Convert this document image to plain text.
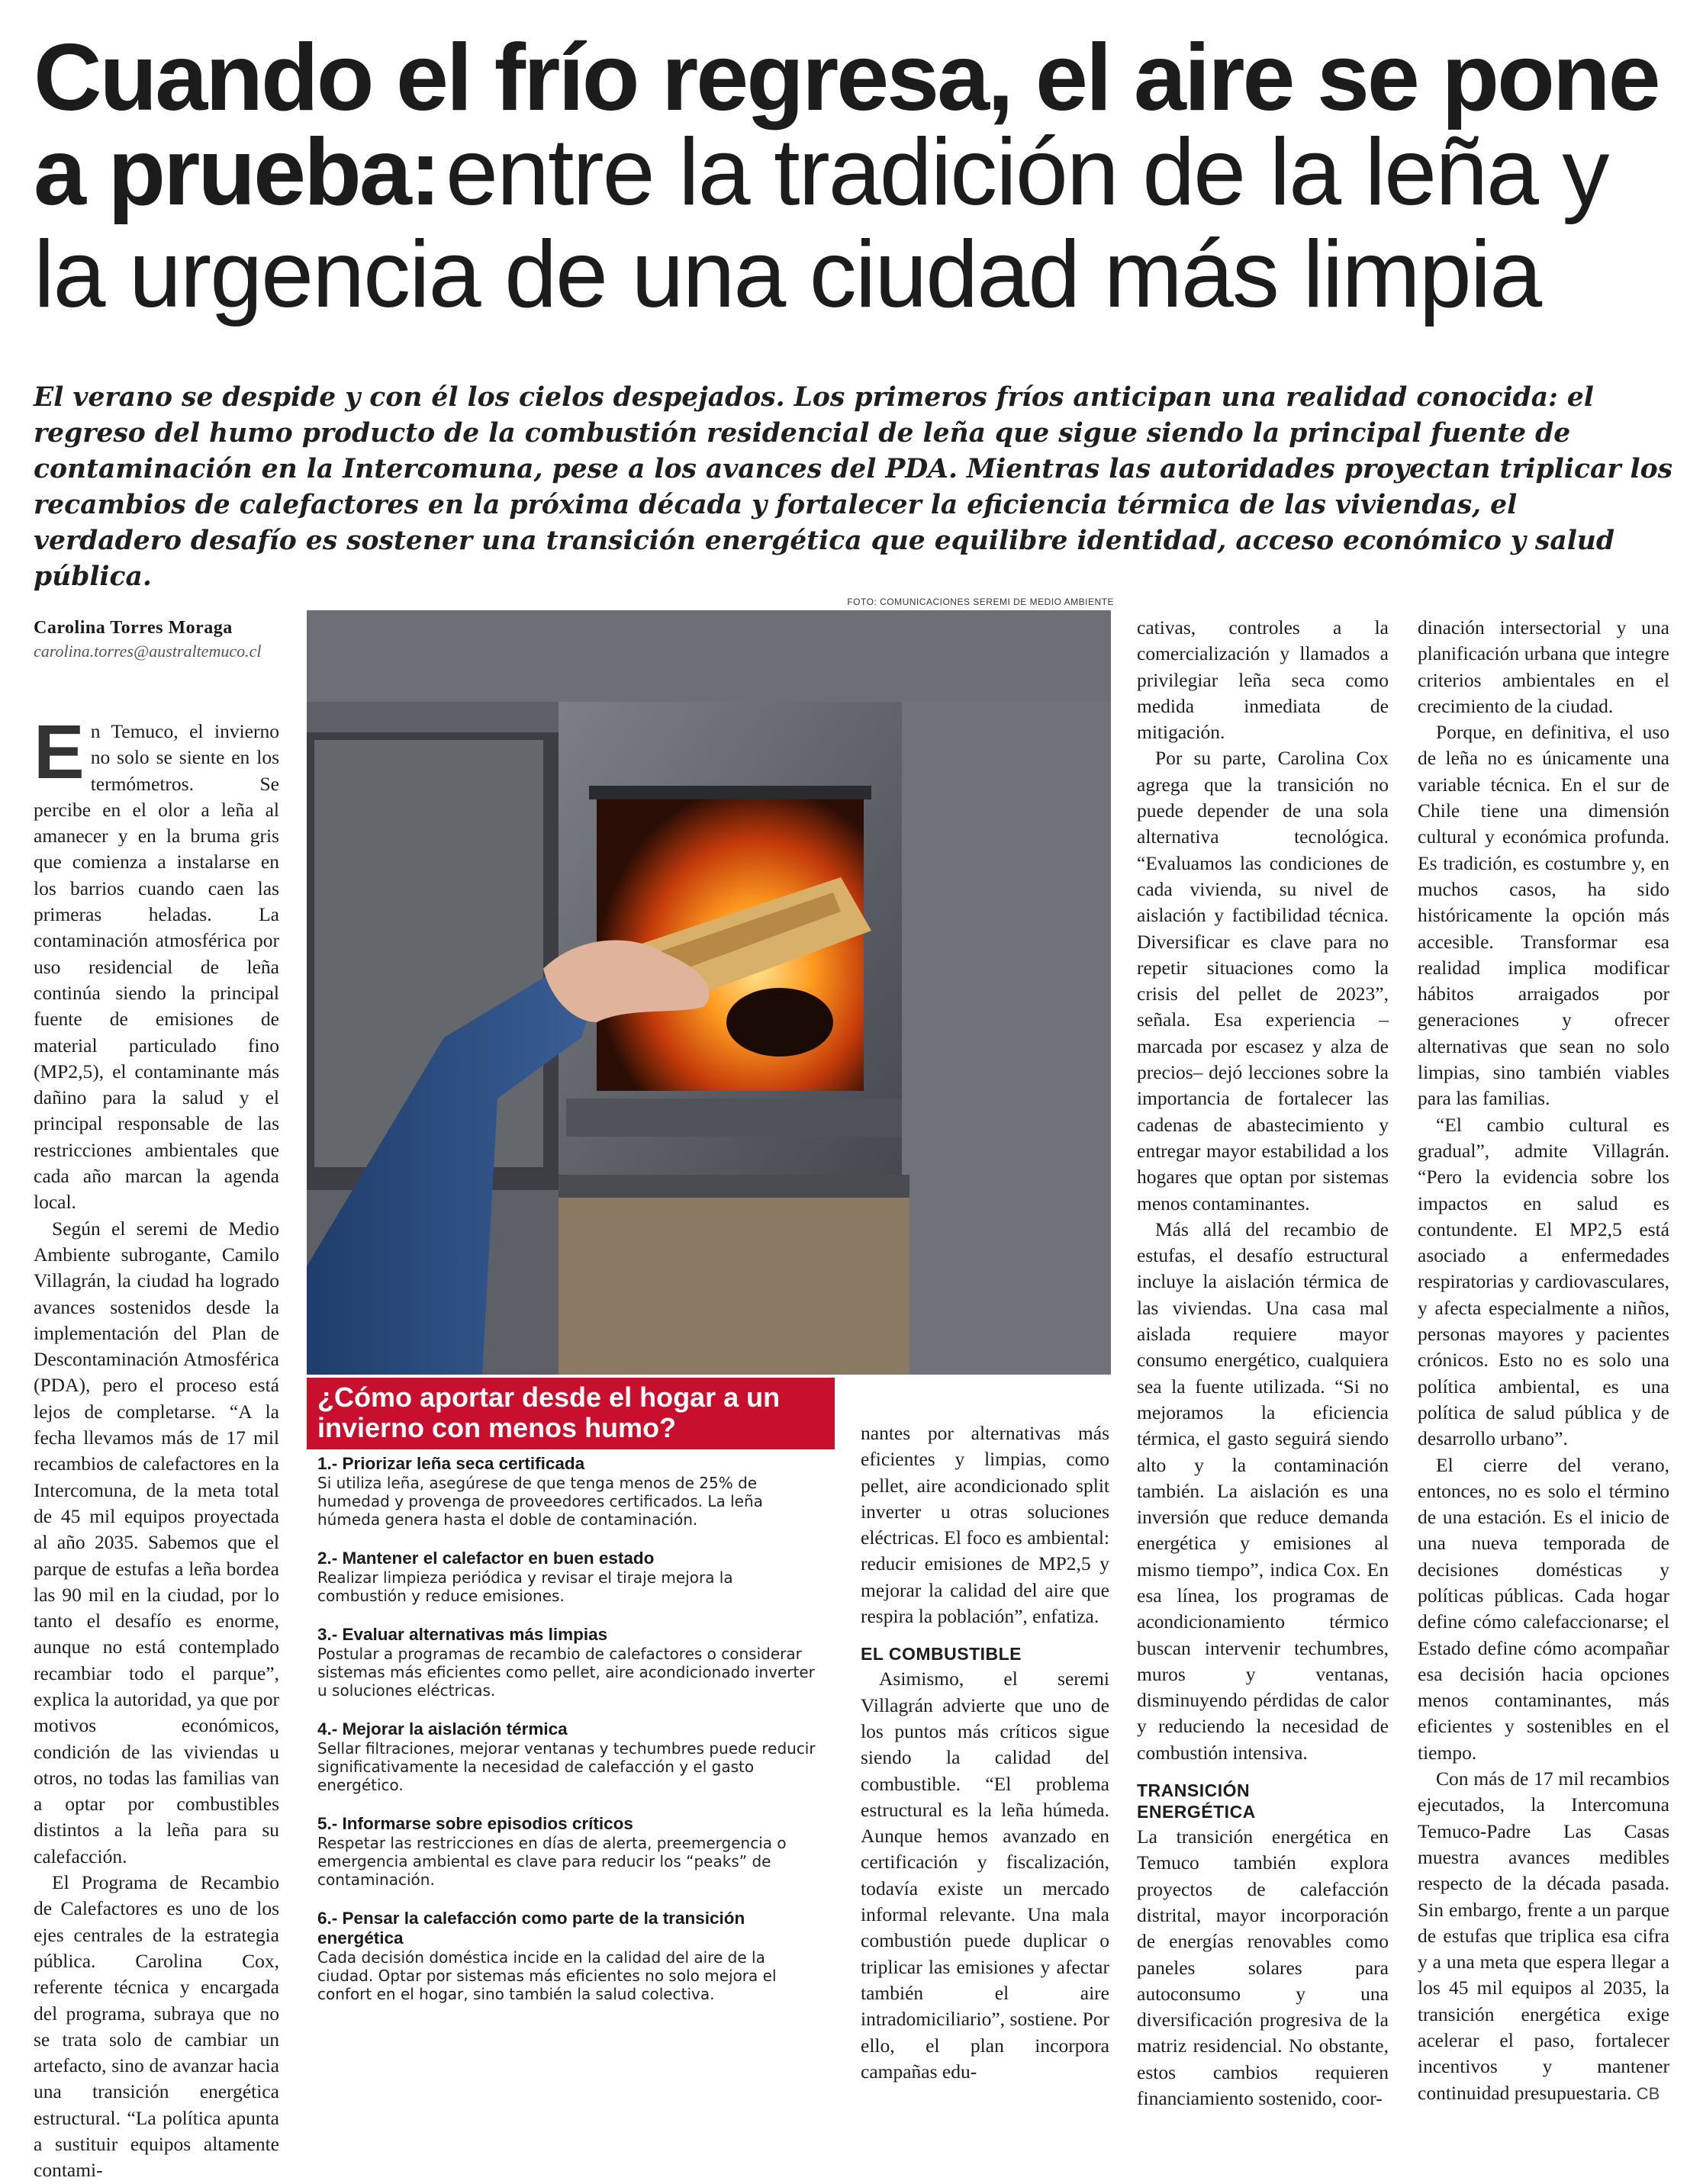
Cuando el frío regresa, el aire se pone
a prueba: entre la tradición de la leña y
la urgencia de una ciudad más limpia

El verano se despide y con él los cielos despejados. Los primeros fríos anticipan una realidad conocida: el regreso del humo producto de la combustión residencial de leña que sigue siendo la principal fuente de contaminación en la Intercomuna, pese a los avances del PDA. Mientras las autoridades proyectan triplicar los recambios de calefactores en la próxima década y fortalecer la eficiencia térmica de las viviendas, el verdadero desafío es sostener una transición energética que equilibre identidad, acceso económico y salud pública.

FOTO: COMUNICACIONES SEREMI DE MEDIO AMBIENTE
Carolina Torres Moraga
carolina.torres@australtemuco.cl

En Temuco, el invierno no solo se siente en los termómetros. Se percibe en el olor a leña al amanecer y en la bruma gris que comienza a instalarse en los barrios cuando caen las primeras heladas. La contaminación atmosférica por uso residencial de leña continúa siendo la principal fuente de emisiones de material particulado fino (MP2,5), el contaminante más dañino para la salud y el principal responsable de las restricciones ambientales que cada año marcan la agenda local.

Según el seremi de Medio Ambiente subrogante, Camilo Villagrán, la ciudad ha logrado avances sostenidos desde la implementación del Plan de Descontaminación Atmosférica (PDA), pero el proceso está lejos de completarse. “A la fecha llevamos más de 17 mil recambios de calefactores en la Intercomuna, de la meta total de 45 mil equipos proyectada al año 2035. Sabemos que el parque de estufas a leña bordea las 90 mil en la ciudad, por lo tanto el desafío es enorme, aunque no está contemplado recambiar todo el parque”, explica la autoridad, ya que por motivos económicos, condición de las viviendas u otros, no todas las familias van a optar por combustibles distintos a la leña para su calefacción.

El Programa de Recambio de Calefactores es uno de los ejes centrales de la estrategia pública. Carolina Cox, referente técnica y encargada del programa, subraya que no se trata solo de cambiar un artefacto, sino de avanzar hacia una transición energética estructural. “La política apunta a sustituir equipos altamente contami-

¿Cómo aportar desde el hogar a un invierno con menos humo?
1.- Priorizar leña seca certificada
Si utiliza leña, asegúrese de que tenga menos de 25% de humedad y provenga de proveedores certificados. La leña húmeda genera hasta el doble de contaminación.
2.- Mantener el calefactor en buen estado
Realizar limpieza periódica y revisar el tiraje mejora la combustión y reduce emisiones.
3.- Evaluar alternativas más limpias
Postular a programas de recambio de calefactores o considerar sistemas más eficientes como pellet, aire acondicionado inverter u soluciones eléctricas.
4.- Mejorar la aislación térmica
Sellar filtraciones, mejorar ventanas y techumbres puede reducir significativamente la necesidad de calefacción y el gasto energético.
5.- Informarse sobre episodios críticos
Respetar las restricciones en días de alerta, preemergencia o emergencia ambiental es clave para reducir los “peaks” de contaminación.
6.- Pensar la calefacción como parte de la transición energética
Cada decisión doméstica incide en la calidad del aire de la ciudad. Optar por sistemas más eficientes no solo mejora el confort en el hogar, sino también la salud colectiva.

nantes por alternativas más eficientes y limpias, como pellet, aire acondicionado split inverter u otras soluciones eléctricas. El foco es ambiental: reducir emisiones de MP2,5 y mejorar la calidad del aire que respira la población”, enfatiza.

EL COMBUSTIBLE

Asimismo, el seremi Villagrán advierte que uno de los puntos más críticos sigue siendo la calidad del combustible. “El problema estructural es la leña húmeda. Aunque hemos avanzado en certificación y fiscalización, todavía existe un mercado informal relevante. Una mala combustión puede duplicar o triplicar las emisiones y afectar también el aire intradomiciliario”, sostiene. Por ello, el plan incorpora campañas edu-

cativas, controles a la comercialización y llamados a privilegiar leña seca como medida inmediata de mitigación.

Por su parte, Carolina Cox agrega que la transición no puede depender de una sola alternativa tecnológica. “Evaluamos las condiciones de cada vivienda, su nivel de aislación y factibilidad técnica. Diversificar es clave para no repetir situaciones como la crisis del pellet de 2023”, señala. Esa experiencia –marcada por escasez y alza de precios– dejó lecciones sobre la importancia de fortalecer las cadenas de abastecimiento y entregar mayor estabilidad a los hogares que optan por sistemas menos contaminantes.

Más allá del recambio de estufas, el desafío estructural incluye la aislación térmica de las viviendas. Una casa mal aislada requiere mayor consumo energético, cualquiera sea la fuente utilizada. “Si no mejoramos la eficiencia térmica, el gasto seguirá siendo alto y la contaminación también. La aislación es una inversión que reduce demanda energética y emisiones al mismo tiempo”, indica Cox. En esa línea, los programas de acondicionamiento térmico buscan intervenir techumbres, muros y ventanas, disminuyendo pérdidas de calor y reduciendo la necesidad de combustión intensiva.

TRANSICIÓN ENERGÉTICA

La transición energética en Temuco también explora proyectos de calefacción distrital, mayor incorporación de energías renovables como paneles solares para autoconsumo y una diversificación progresiva de la matriz residencial. No obstante, estos cambios requieren financiamiento sostenido, coor-

dinación intersectorial y una planificación urbana que integre criterios ambientales en el crecimiento de la ciudad.

Porque, en definitiva, el uso de leña no es únicamente una variable técnica. En el sur de Chile tiene una dimensión cultural y económica profunda. Es tradición, es costumbre y, en muchos casos, ha sido históricamente la opción más accesible. Transformar esa realidad implica modificar hábitos arraigados por generaciones y ofrecer alternativas que sean no solo limpias, sino también viables para las familias.

“El cambio cultural es gradual”, admite Villagrán. “Pero la evidencia sobre los impactos en salud es contundente. El MP2,5 está asociado a enfermedades respiratorias y cardiovasculares, y afecta especialmente a niños, personas mayores y pacientes crónicos. Esto no es solo una política ambiental, es una política de salud pública y de desarrollo urbano”.

El cierre del verano, entonces, no es solo el término de una estación. Es el inicio de una nueva temporada de decisiones domésticas y políticas públicas. Cada hogar define cómo calefaccionarse; el Estado define cómo acompañar esa decisión hacia opciones menos contaminantes, más eficientes y sostenibles en el tiempo.

Con más de 17 mil recambios ejecutados, la Intercomuna Temuco-Padre Las Casas muestra avances medibles respecto de la década pasada. Sin embargo, frente a un parque de estufas que triplica esa cifra y a una meta que espera llegar a los 45 mil equipos al 2035, la transición energética exige acelerar el paso, fortalecer incentivos y mantener continuidad presupuestaria. CB
